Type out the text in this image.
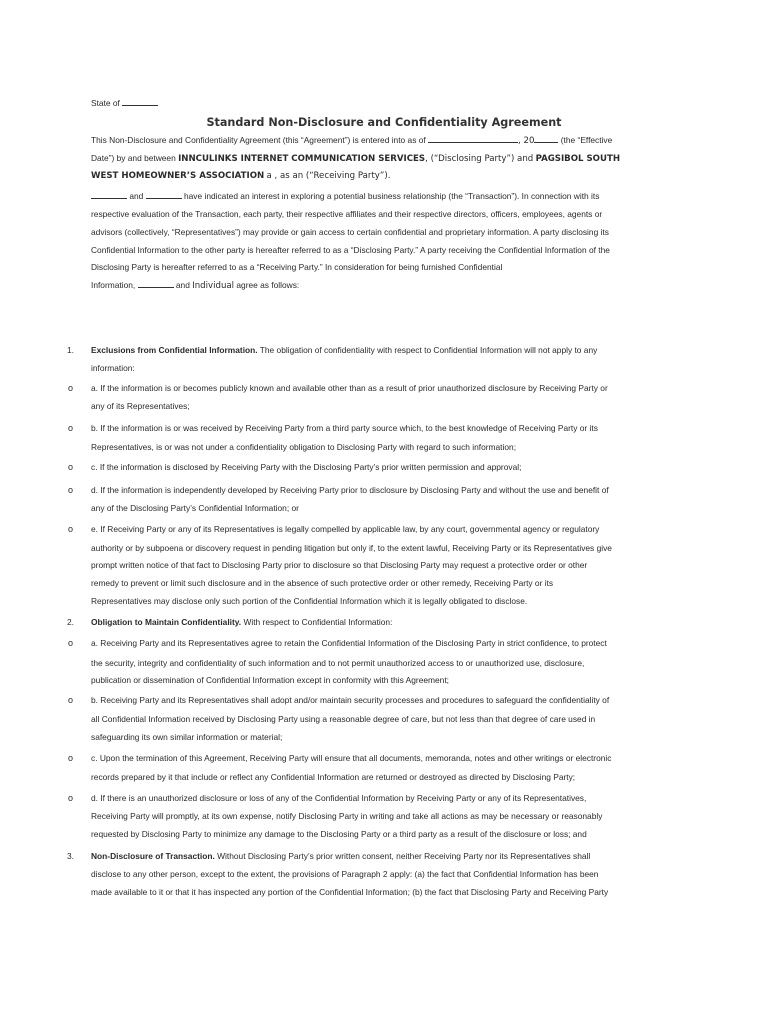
State of
Standard Non-Disclosure and Confidentiality Agreement
This Non-Disclosure and Confidentiality Agreement (this “Agreement”) is entered into as of	, 20	(the “Effective
Date”) by and between INNCULINKS INTERNET COMMUNICATION SERVICES, (“Disclosing Party”) and PAGSIBOL SOUTH
WEST HOMEOWNER’S ASSOCIATION a , as an (“Receiving Party”).
and	have indicated an interest in exploring a potential business relationship (the “Transaction”). In connection with its
respective evaluation of the Transaction, each party, their respective affiliates and their respective directors, officers, employees, agents or
advisors (collectively, “Representatives”) may provide or gain access to certain confidential and proprietary information. A party disclosing its
Confidential Information to the other party is hereafter referred to as a “Disclosing Party.” A party receiving the Confidential Information of the
Disclosing Party is hereafter referred to as a “Receiving Party.” In consideration for being furnished Confidential
Information,	and Individual agree as follows:
1. Exclusions from Confidential Information. The obligation of confidentiality with respect to Confidential Information will not apply to any
information:
o a. If the information is or becomes publicly known and available other than as a result of prior unauthorized disclosure by Receiving Party or
any of its Representatives;
o b. If the information is or was received by Receiving Party from a third party source which, to the best knowledge of Receiving Party or its
Representatives, is or was not under a confidentiality obligation to Disclosing Party with regard to such information;
o c. If the information is disclosed by Receiving Party with the Disclosing Party’s prior written permission and approval;
o d. If the information is independently developed by Receiving Party prior to disclosure by Disclosing Party and without the use and benefit of
any of the Disclosing Party’s Confidential Information; or
o e. If Receiving Party or any of its Representatives is legally compelled by applicable law, by any court, governmental agency or regulatory
authority or by subpoena or discovery request in pending litigation but only if, to the extent lawful, Receiving Party or its Representatives give
prompt written notice of that fact to Disclosing Party prior to disclosure so that Disclosing Party may request a protective order or other
remedy to prevent or limit such disclosure and in the absence of such protective order or other remedy, Receiving Party or its
Representatives may disclose only such portion of the Confidential Information which it is legally obligated to disclose.
2. Obligation to Maintain Confidentiality. With respect to Confidential Information:
o a. Receiving Party and its Representatives agree to retain the Confidential Information of the Disclosing Party in strict confidence, to protect
the security, integrity and confidentiality of such information and to not permit unauthorized access to or unauthorized use, disclosure,
publication or dissemination of Confidential Information except in conformity with this Agreement;
o b. Receiving Party and its Representatives shall adopt and/or maintain security processes and procedures to safeguard the confidentiality of
all Confidential Information received by Disclosing Party using a reasonable degree of care, but not less than that degree of care used in
safeguarding its own similar information or material;
o c. Upon the termination of this Agreement, Receiving Party will ensure that all documents, memoranda, notes and other writings or electronic
records prepared by it that include or reflect any Confidential Information are returned or destroyed as directed by Disclosing Party;
o d. If there is an unauthorized disclosure or loss of any of the Confidential Information by Receiving Party or any of its Representatives,
Receiving Party will promptly, at its own expense, notify Disclosing Party in writing and take all actions as may be necessary or reasonably
requested by Disclosing Party to minimize any damage to the Disclosing Party or a third party as a result of the disclosure or loss; and
3. Non-Disclosure of Transaction. Without Disclosing Party’s prior written consent, neither Receiving Party nor its Representatives shall
disclose to any other person, except to the extent, the provisions of Paragraph 2 apply: (a) the fact that Confidential Information has been
made available to it or that it has inspected any portion of the Confidential Information; (b) the fact that Disclosing Party and Receiving Party
